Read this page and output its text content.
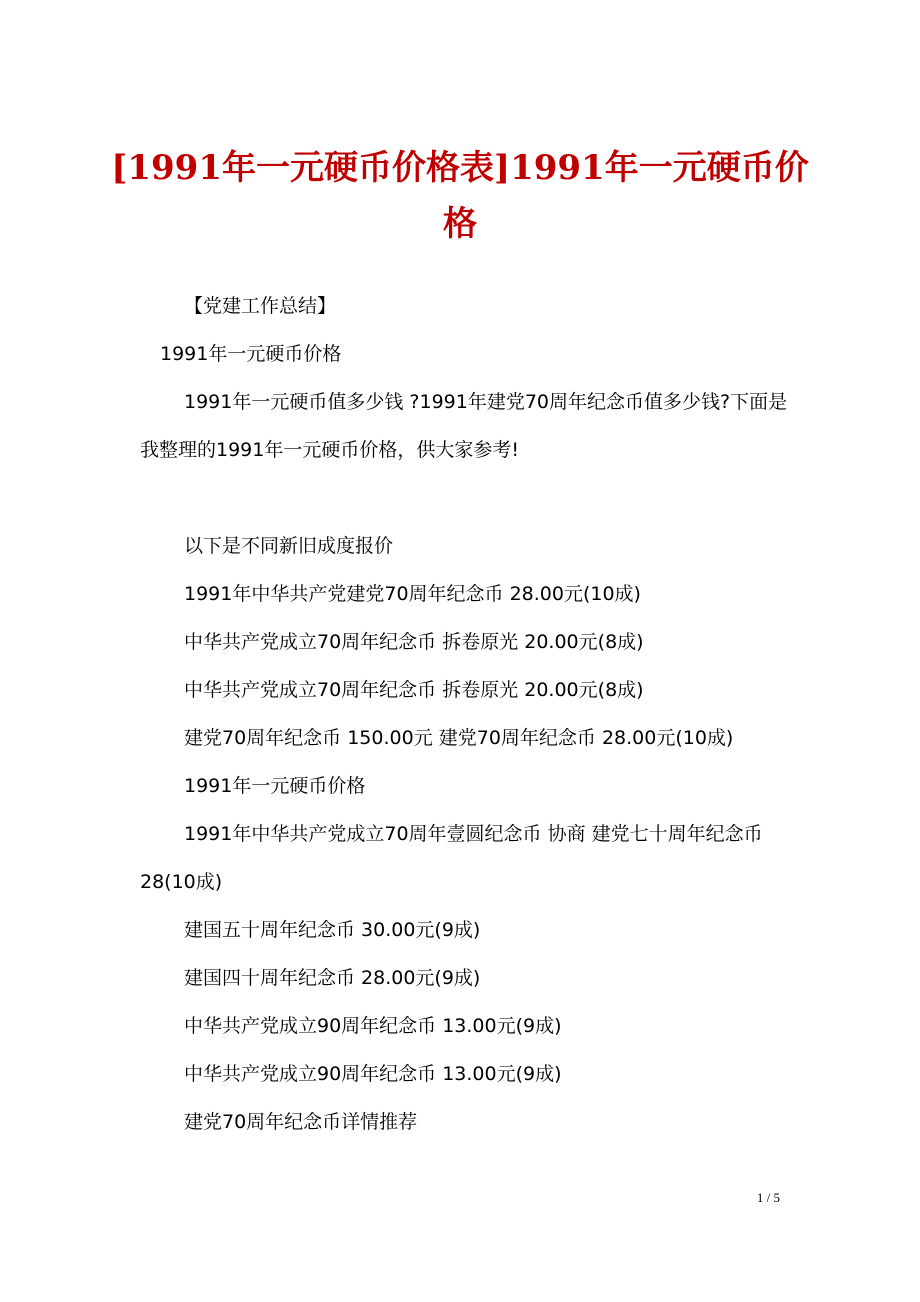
[1991年一元硬币价格表]1991年一元硬币价格

【党建工作总结】

1991年一元硬币价格

1991年一元硬币值多少钱 ?1991年建党70周年纪念币值多少钱?下面是我整理的1991年一元硬币价格，供大家参考!

以下是不同新旧成度报价

1991年中华共产党建党70周年纪念币 28.00元(10成)

中华共产党成立70周年纪念币 拆卷原光 20.00元(8成)

中华共产党成立70周年纪念币 拆卷原光 20.00元(8成)

建党70周年纪念币 150.00元 建党70周年纪念币 28.00元(10成)

1991年一元硬币价格

1991年中华共产党成立70周年壹圆纪念币 协商 建党七十周年纪念币 28(10成)

建国五十周年纪念币 30.00元(9成)

建国四十周年纪念币 28.00元(9成)

中华共产党成立90周年纪念币 13.00元(9成)

中华共产党成立90周年纪念币 13.00元(9成)

建党70周年纪念币详情推荐

1 / 5
